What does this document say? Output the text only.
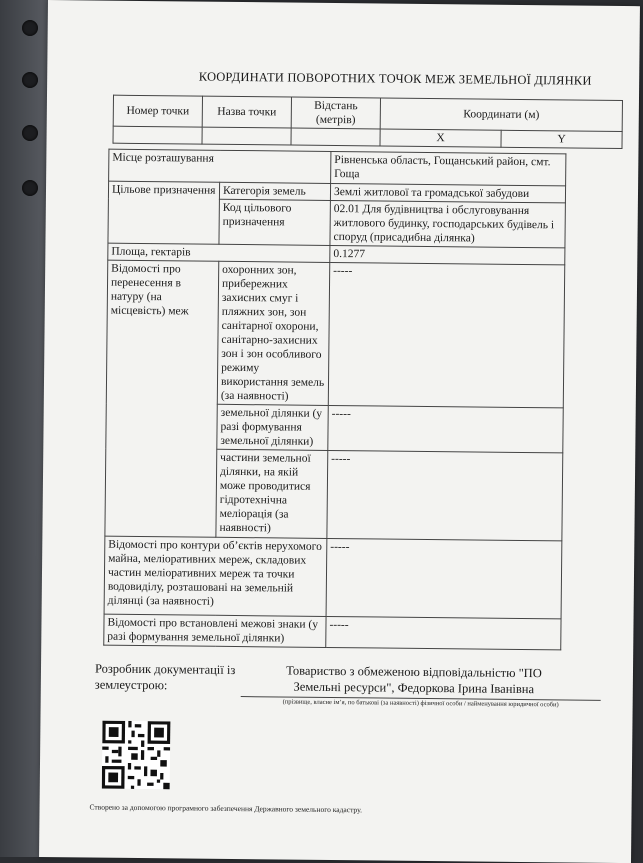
КООРДИНАТИ ПОВОРОТНИХ ТОЧОК МЕЖ ЗЕМЕЛЬНОЇ ДІЛЯНКИ
Номер точки	Назва точки	Відстань (метрів)	Координати (м)	
			X	Y
Місце розташування		Рівненська область, Гощанський район, смт. Гоща
Цільове призначення	Категорія земель	Землі житлової та громадської забудови
	Код цільового призначення	02.01 Для будівництва і обслуговування житлового будинку, господарських будівель і споруд (присадибна ділянка)
Площа, гектарів		0.1277
Відомості про перенесення в натуру (на місцевість) меж	охоронних зон, прибережних захисних смуг і пляжних зон, зон санітарної охорони, санітарно-захисних зон і зон особливого режиму використання земель (за наявності)	-----
	земельної ділянки (у разі формування земельної ділянки)	-----
	частини земельної ділянки, на якій може проводитися гідротехнічна меліорація (за наявності)	-----
Відомості про контури об’єктів нерухомого майна, меліоративних мереж, складових частин меліоративних мереж та точки водовиділу, розташовані на земельній ділянці (за наявності)		-----
Відомості про встановлені межові знаки (у разі формування земельної ділянки)		-----
Розробник документації із землеустрою:
Товариство з обмеженою відповідальністю "ПО Земельні ресурси", Федоркова Ірина Іванівна
(прізвище, власне ім’я, по батькові (за наявності) фізичної особи / найменування юридичної особи)
Створено за допомогою програмного забезпечення Державного земельного кадастру.
